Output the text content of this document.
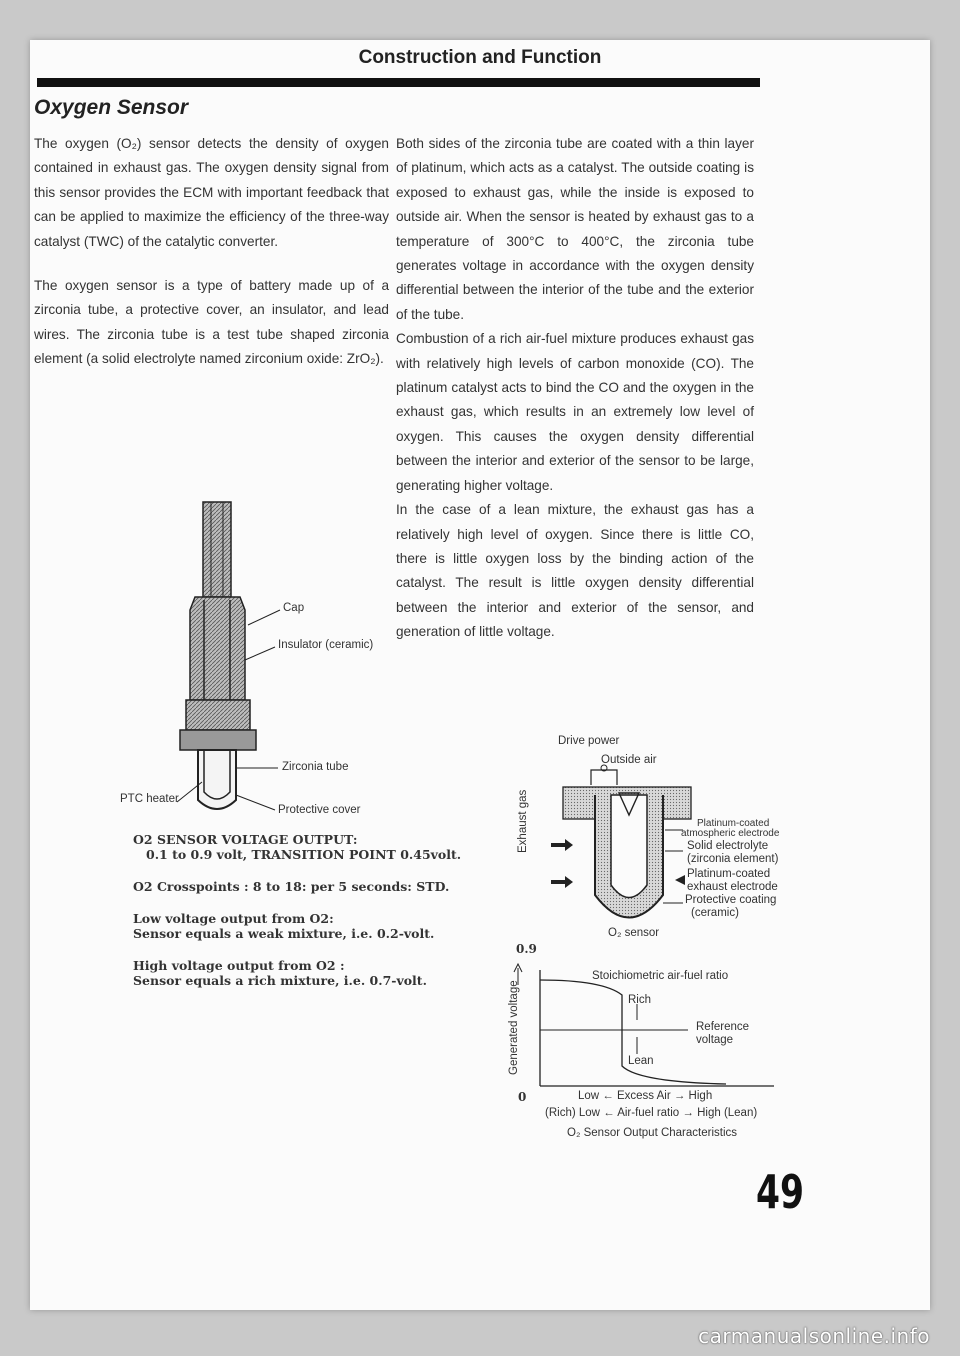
Construction and Function
Oxygen Sensor

The oxygen (O₂) sensor detects the density of oxygen contained in exhaust gas. The oxygen density signal from this sensor provides the ECM with important feedback that can be applied to maximize the efficiency of the three-way catalyst (TWC) of the catalytic converter.

The oxygen sensor is a type of battery made up of a zirconia tube, a protective cover, an insulator, and lead wires. The zirconia tube is a test tube shaped zirconia element (a solid electrolyte named zirconium oxide: ZrO₂).

Both sides of the zirconia tube are coated with a thin layer of platinum, which acts as a catalyst. The outside coating is exposed to exhaust gas, while the inside is exposed to outside air. When the sensor is heated by exhaust gas to a temperature of 300°C to 400°C, the zirconia tube generates voltage in accordance with the oxygen density differential between the interior of the tube and the exterior of the tube.

Combustion of a rich air-fuel mixture produces exhaust gas with relatively high levels of carbon monoxide (CO). The platinum catalyst acts to bind the CO and the oxygen in the exhaust gas, which results in an extremely low level of oxygen. This causes the oxygen density differential between the interior and exterior of the sensor to be large, generating higher voltage.

In the case of a lean mixture, the exhaust gas has a relatively high level of oxygen. Since there is little CO, there is little oxygen loss by the binding action of the catalyst. The result is little oxygen density differential between the interior and exterior of the sensor, and generation of little voltage.

Cap
Insulator (ceramic)
Zirconia tube
PTC heater
Protective cover
O2 SENSOR VOLTAGE OUTPUT:
0.1 to 0.9 volt, TRANSITION POINT 0.45volt.
O2 Crosspoints : 8 to 18: per 5 seconds: STD.
Low voltage output from O2:
Sensor equals a weak mixture, i.e. 0.2-volt.
High voltage output from O2 :
Sensor equals a rich mixture, i.e. 0.7-volt.
Drive power
Outside air
Exhaust gas	Platinum-coated
atmospheric electrode
Solid electrolyte
(zirconia element)
Platinum-coated
exhaust electrode
Protective coating
(ceramic)
O₂ sensor
0.9
0
Generated voltage
Stoichiometric air-fuel ratio
Rich
Lean
Reference
voltage
Low ← Excess Air → High
(Rich) Low ← Air-fuel ratio → High (Lean)
O₂ Sensor Output Characteristics
49
carmanualsonline.info
